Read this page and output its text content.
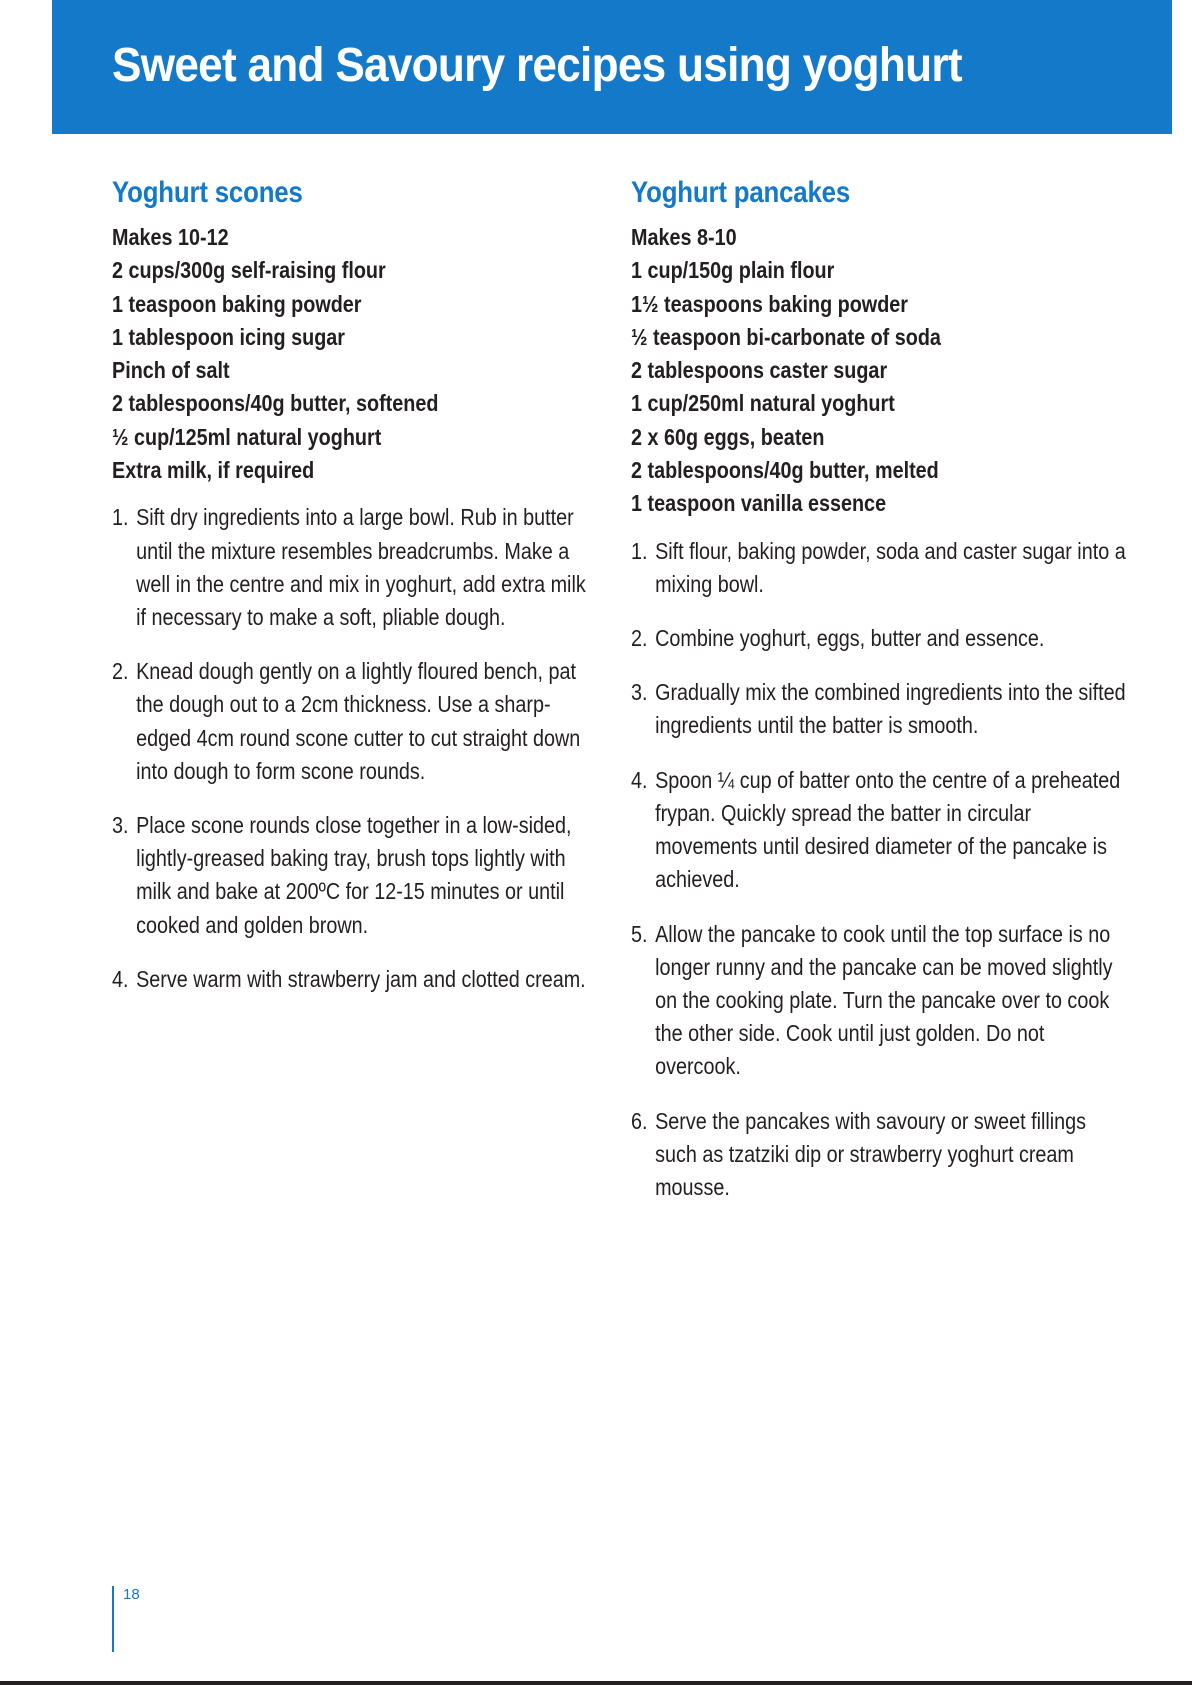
Sweet and Savoury recipes using yoghurt
Yoghurt scones
Makes 10-12
2 cups/300g self-raising flour
1 teaspoon baking powder
1 tablespoon icing sugar
Pinch of salt
2 tablespoons/40g butter, softened
½ cup/125ml natural yoghurt
Extra milk, if required
1. Sift dry ingredients into a large bowl. Rub in butter until the mixture resembles breadcrumbs. Make a well in the centre and mix in yoghurt, add extra milk if necessary to make a soft, pliable dough.
2. Knead dough gently on a lightly floured bench, pat the dough out to a 2cm thickness. Use a sharp-edged 4cm round scone cutter to cut straight down into dough to form scone rounds.
3. Place scone rounds close together in a low-sided, lightly-greased baking tray, brush tops lightly with milk and bake at 200ºC for 12-15 minutes or until cooked and golden brown.
4. Serve warm with strawberry jam and clotted cream.
Yoghurt pancakes
Makes 8-10
1 cup/150g plain flour
1½ teaspoons baking powder
½ teaspoon bi-carbonate of soda
2 tablespoons caster sugar
1 cup/250ml natural yoghurt
2 x 60g eggs, beaten
2 tablespoons/40g butter, melted
1 teaspoon vanilla essence
1. Sift flour, baking powder, soda and caster sugar into a mixing bowl.
2. Combine yoghurt, eggs, butter and essence.
3. Gradually mix the combined ingredients into the sifted ingredients until the batter is smooth.
4. Spoon ¼ cup of batter onto the centre of a preheated frypan. Quickly spread the batter in circular movements until desired diameter of the pancake is achieved.
5. Allow the pancake to cook until the top surface is no longer runny and the pancake can be moved slightly on the cooking plate. Turn the pancake over to cook the other side. Cook until just golden. Do not overcook.
6. Serve the pancakes with savoury or sweet fillings such as tzatziki dip or strawberry yoghurt cream mousse.
18
